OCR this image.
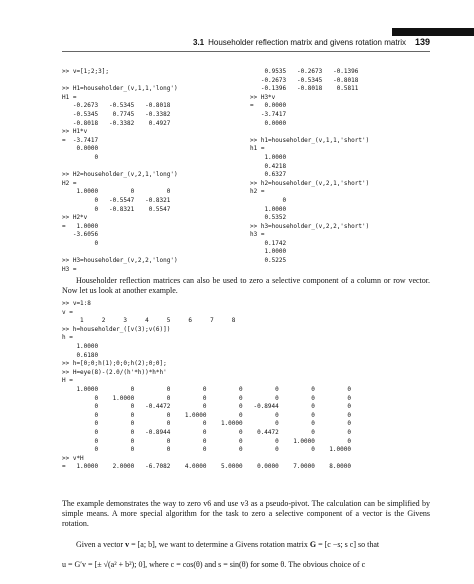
3.1 Householder reflection matrix and givens rotation matrix 139
>> v=[1;2;3];

>> H1=householder_(v,1,1,'long')
H1 =
-0.2673   -0.5345   -0.8018
-0.5345    0.7745   -0.3382
-0.8018   -0.3382    0.4927
>> H1*v
=  -3.7417
0.0000
0

>> H2=householder_(v,2,1,'long')
H2 =
1.0000         0         0
0   -0.5547   -0.8321
0   -0.8321    0.5547
>> H2*v
=   1.0000
-3.6056
0

>> H3=householder_(v,2,2,'long')
H3 =
0.9535   -0.2673   -0.1396
-0.2673   -0.5345   -0.8018
-0.1396   -0.8018    0.5811
>> H3*v
=   0.0000
-3.7417
0.0000

>> h1=householder_(v,1,1,'short')
h1 =
1.0000
0.4218
0.6327
>> h2=householder_(v,2,1,'short')
h2 =
0
1.0000
0.5352
>> h3=householder_(v,2,2,'short')
h3 =
0.1742
1.0000
0.5225

Householder reflection matrices can also be used to zero a selective component of a column or row vector. Now let us look at another example.

>> v=1:8
v =
1     2     3     4     5     6     7     8
>> h=householder_([v(3);v(6)])
h =
1.0000
0.6180
>> h=[0;0;h(1);0;0;h(2);0;0];
>> H=eye(8)-(2.0/(h'*h))*h*h'
H =
1.0000         0         0         0         0         0         0         0
0    1.0000         0         0         0         0         0         0
0         0   -0.4472         0         0   -0.8944         0         0
0         0         0    1.0000         0         0         0         0
0         0         0         0    1.0000         0         0         0
0         0   -0.8944         0         0    0.4472         0         0
0         0         0         0         0         0    1.0000         0
0         0         0         0         0         0         0    1.0000
>> v*H
=   1.0000    2.0000   -6.7082    4.0000    5.0000    0.0000    7.0000    8.0000

The example demonstrates the way to zero v6 and use v3 as a pseudo-pivot. The calculation can be simplified by simple means. A more special algorithm for the task to zero a selective component of a vector is the Givens rotation.

Given a vector v = [a; b], we want to determine a Givens rotation matrix G = [c −s; s c] so that
u = G′v = [± √(a² + b²); 0], where c = cos(θ) and s = sin(θ) for some θ. The obvious choice of c
